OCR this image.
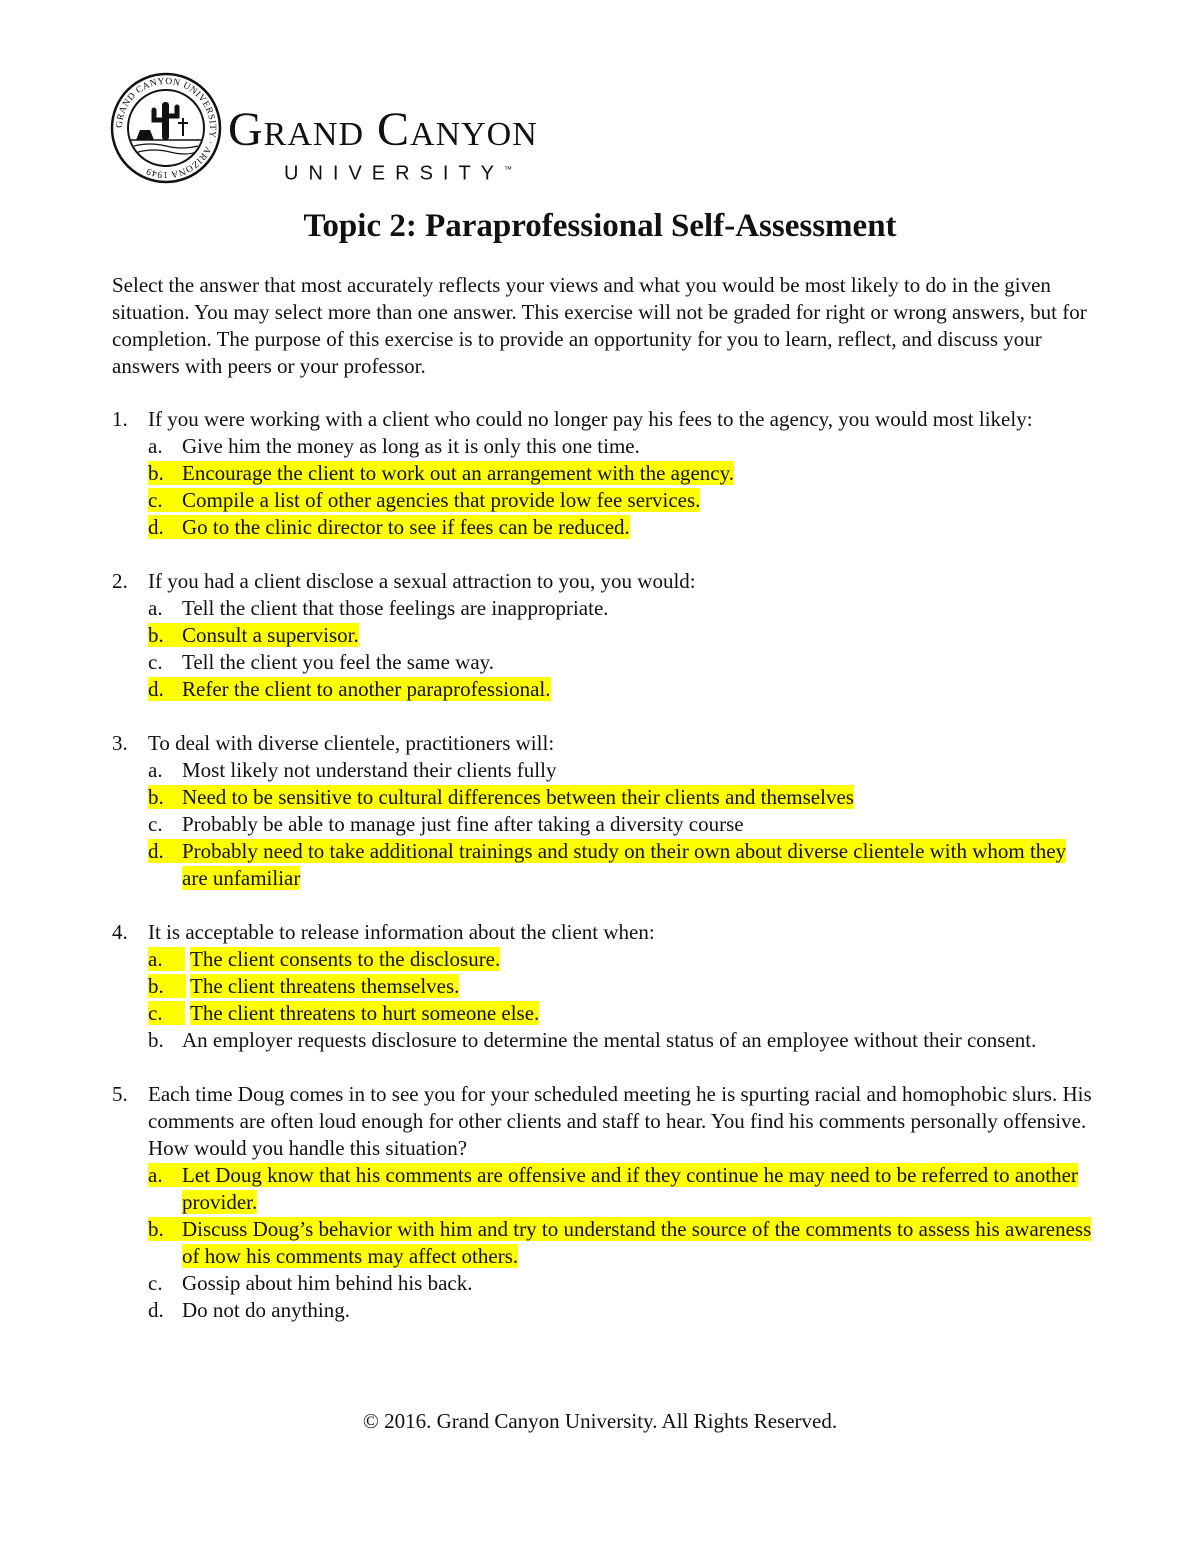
GRAND CANYON UNIVERSITY · ARIZONA 1949
Grand Canyon
UNIVERSITY™
Topic 2: Paraprofessional Self-Assessment

Select the answer that most accurately reflects your views and what you would be most likely to do in the given situation. You may select more than one answer. This exercise will not be graded for right or wrong answers, but for completion. The purpose of this exercise is to provide an opportunity for you to learn, reflect, and discuss your answers with peers or your professor.

1. If you were working with a client who could no longer pay his fees to the agency, you would most likely:
a. Give him the money as long as it is only this one time.
b. Encourage the client to work out an arrangement with the agency.
c. Compile a list of other agencies that provide low fee services.
d. Go to the clinic director to see if fees can be reduced.
2. If you had a client disclose a sexual attraction to you, you would:
a. Tell the client that those feelings are inappropriate.
b. Consult a supervisor.
c. Tell the client you feel the same way.
d. Refer the client to another paraprofessional.
3. To deal with diverse clientele, practitioners will:
a. Most likely not understand their clients fully
b. Need to be sensitive to cultural differences between their clients and themselves
c. Probably be able to manage just fine after taking a diversity course
d. Probably need to take additional trainings and study on their own about diverse clientele with whom they are unfamiliar
4. It is acceptable to release information about the client when:
a.	The client consents to the disclosure.
b.	The client threatens themselves.
c.	The client threatens to hurt someone else.
b. An employer requests disclosure to determine the mental status of an employee without their consent.
5. Each time Doug comes in to see you for your scheduled meeting he is spurting racial and homophobic slurs. His comments are often loud enough for other clients and staff to hear. You find his comments personally offensive. How would you handle this situation?
a. Let Doug know that his comments are offensive and if they continue he may need to be referred to another provider.
b. Discuss Doug’s behavior with him and try to understand the source of the comments to assess his awareness of how his comments may affect others.
c. Gossip about him behind his back.
d. Do not do anything.
© 2016. Grand Canyon University. All Rights Reserved.
